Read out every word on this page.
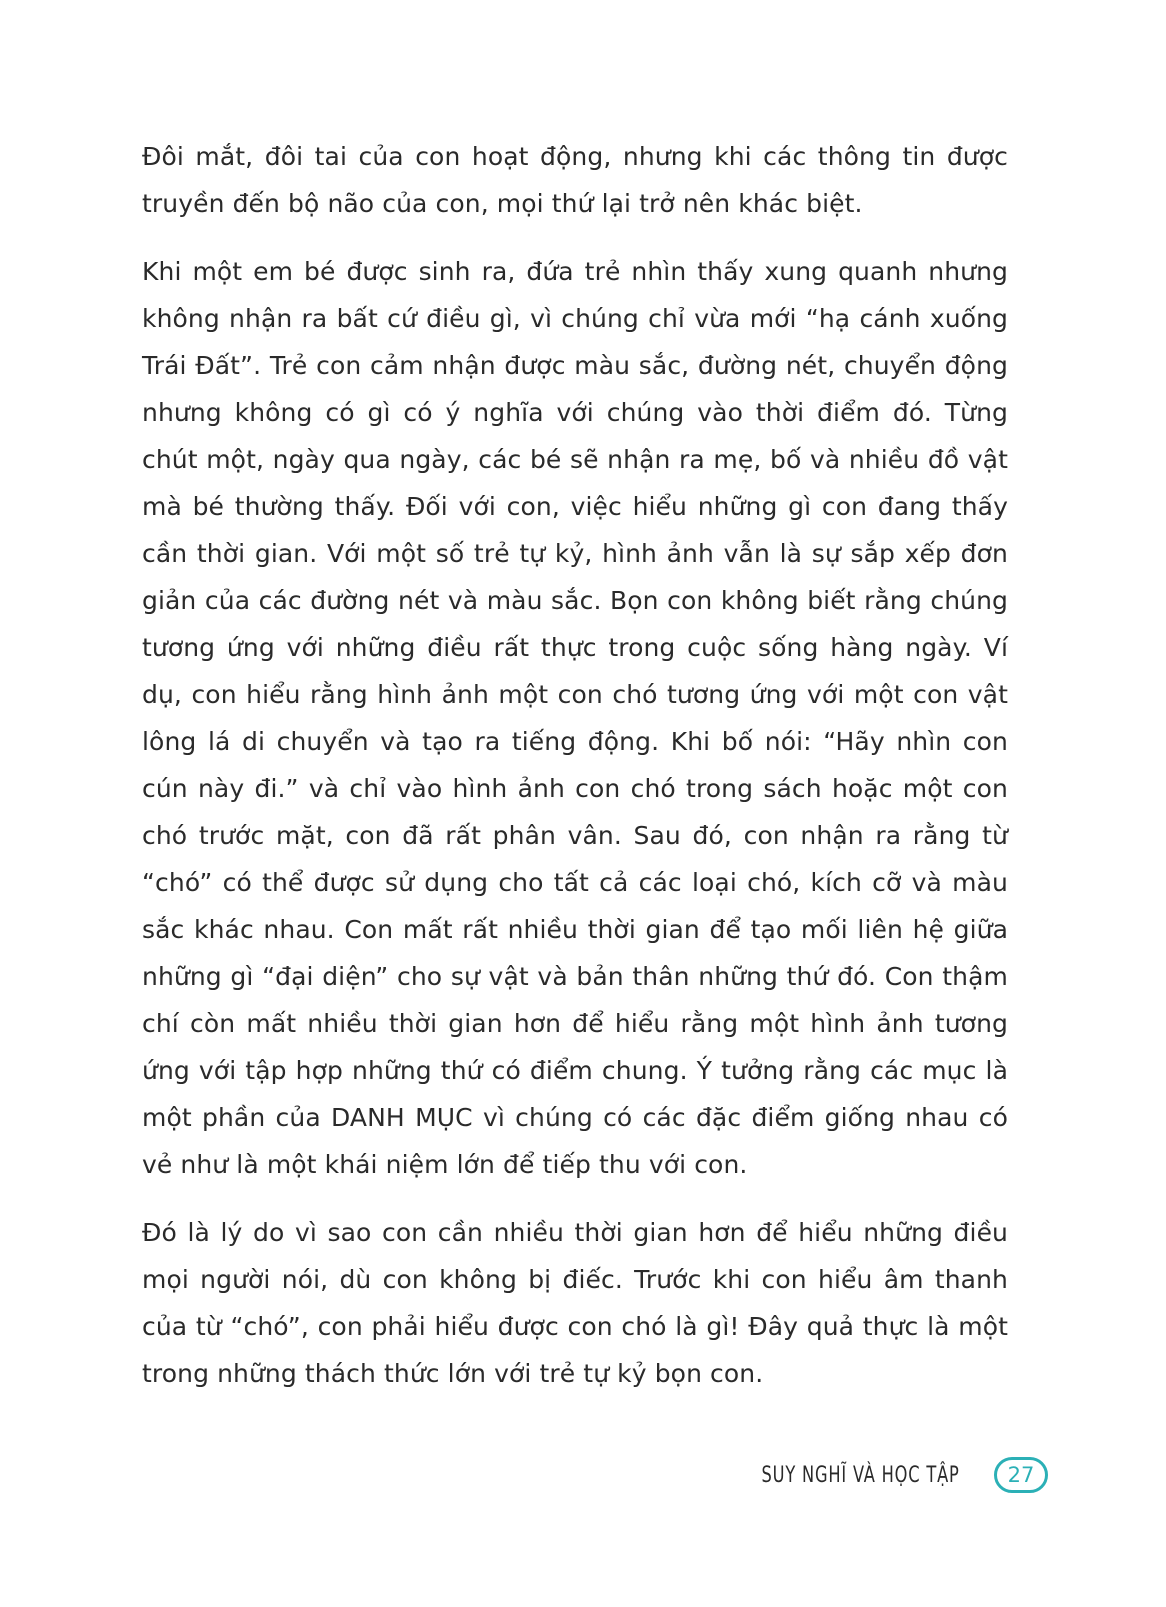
Đôi mắt, đôi tai của con hoạt động, nhưng khi các thông tin được truyền đến bộ não của con, mọi thứ lại trở nên khác biệt.

Khi một em bé được sinh ra, đứa trẻ nhìn thấy xung quanh nhưng không nhận ra bất cứ điều gì, vì chúng chỉ vừa mới “hạ cánh xuống Trái Đất”. Trẻ con cảm nhận được màu sắc, đường nét, chuyển động nhưng không có gì có ý nghĩa với chúng vào thời điểm đó. Từng chút một, ngày qua ngày, các bé sẽ nhận ra mẹ, bố và nhiều đồ vật mà bé thường thấy. Đối với con, việc hiểu những gì con đang thấy cần thời gian. Với một số trẻ tự kỷ, hình ảnh vẫn là sự sắp xếp đơn giản của các đường nét và màu sắc. Bọn con không biết rằng chúng tương ứng với những điều rất thực trong cuộc sống hàng ngày. Ví dụ, con hiểu rằng hình ảnh một con chó tương ứng với một con vật lông lá di chuyển và tạo ra tiếng động. Khi bố nói: “Hãy nhìn con cún này đi.” và chỉ vào hình ảnh con chó trong sách hoặc một con chó trước mặt, con đã rất phân vân. Sau đó, con nhận ra rằng từ “chó” có thể được sử dụng cho tất cả các loại chó, kích cỡ và màu sắc khác nhau. Con mất rất nhiều thời gian để tạo mối liên hệ giữa những gì “đại diện” cho sự vật và bản thân những thứ đó. Con thậm chí còn mất nhiều thời gian hơn để hiểu rằng một hình ảnh tương ứng với tập hợp những thứ có điểm chung. Ý tưởng rằng các mục là một phần của DANH MỤC vì chúng có các đặc điểm giống nhau có vẻ như là một khái niệm lớn để tiếp thu với con.

Đó là lý do vì sao con cần nhiều thời gian hơn để hiểu những điều mọi người nói, dù con không bị điếc. Trước khi con hiểu âm thanh của từ “chó”, con phải hiểu được con chó là gì! Đây quả thực là một trong những thách thức lớn với trẻ tự kỷ bọn con.

SUY NGHĨ VÀ HỌC TẬP	27
